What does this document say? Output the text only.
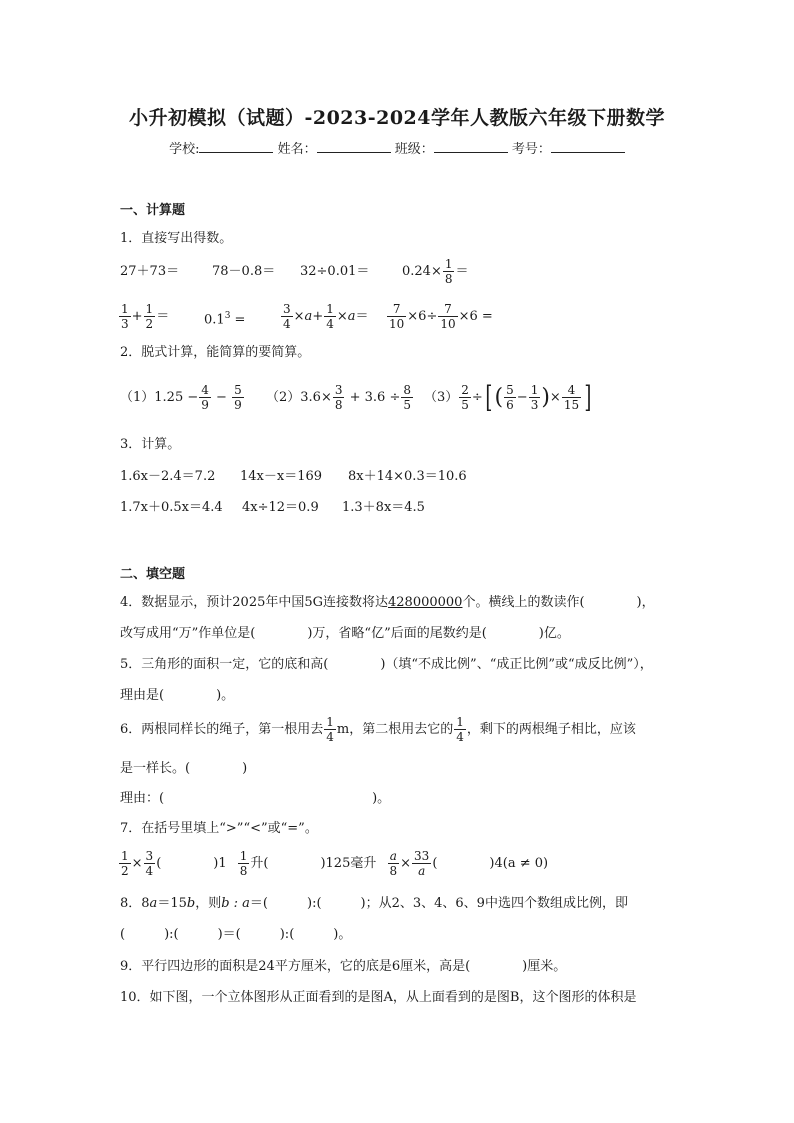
小升初模拟（试题）-2023-2024学年人教版六年级下册数学
学校:	姓名：	班级：	考号：
一、计算题
1．直接写出得数。
27＋73＝	78－0.8＝ 32÷0.01＝	$0.24\times \frac{1}{8}$ ＝
$\frac{1}{3} + \frac{1}{2}$ ＝	$0.1^3$ =	$\frac{3}{4} \times a+ \frac{1}{4} \times a= \frac{7}{10} \times 6\div \frac{7}{10} \times 6$ =
2．脱式计算，能简算的要简算。
$(1)1.25 - \frac{4}{9} - \frac{5}{9} (2)3.6\times \frac{3}{8} + 3.6 \div \frac{8}{5} (3) \frac{2}{5}$ ÷[ ( $\frac{5}{6} - \frac{1}{3}$ )× $\frac{4}{15}$ ]
3．计算。
1.6x－2.4＝7.2 14x－x＝169 8x＋14×0.3＝10.6
1.7x＋0.5x＝4.4 4x÷12＝0.9 1.3＋8x＝4.5
二、填空题
4．数据显示，预计2025年中国5G连接数将达428000000个。横线上的数读作(　　　　)，
改写成用“万”作单位是(　　　　)万，省略“亿”后面的尾数约是(　　　　)亿。
5．三角形的面积一定，它的底和高(　　　　)（填“不成比例”、“成正比例”或“成反比例”），
理由是(　　　　)。
6．两根同样长的绳子，第一根用去 $\frac{1}{4}$ m，第二根用去它的 $\frac{1}{4}$ ，剩下的两根绳子相比，应该
是一样长。(　　　　)
理由：(　　　　　　　　　　　　　　　　)。
7．在括号里填上“>”“<”或“=”。
$\frac{1}{2} \times \frac{3}{4}$ (　　　　)$1 \frac{1}{8}$ 升(　　　　)125毫升 $\frac{a}{8} \times \frac{33}{a}$ (　　　　)4(a ≠ 0)
8．8a＝15b，则b : a＝(　　　):(　　　)；从2、3、4、6、9中选四个数组成比例，即
(　　　):(　　　)＝(　　　):(　　　)。
9．平行四边形的面积是24平方厘米，它的底是6厘米，高是(　　　　)厘米。
10．如下图，一个立体图形从正面看到的是图A，从上面看到的是图B，这个图形的体积是
